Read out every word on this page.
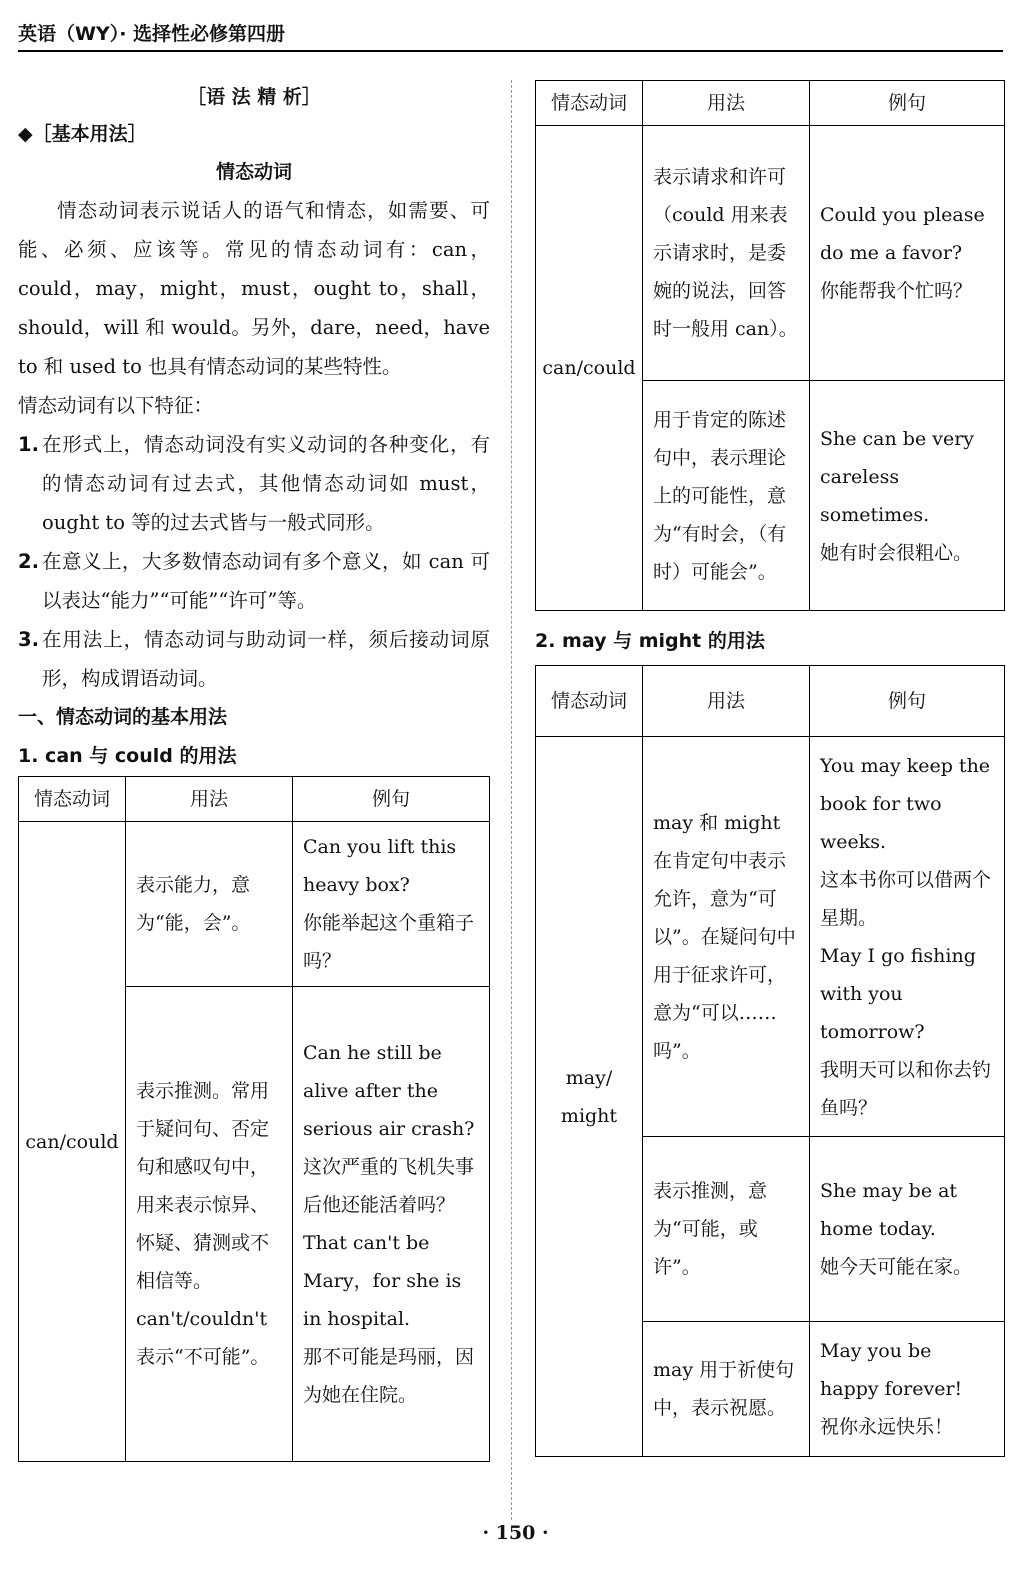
英语（WY）· 选择性必修第四册
［语 法 精 析］
◆［基本用法］
情态动词

情态动词表示说话人的语气和情态，如需要、可能、必须、应该等。常见的情态动词有：can，could，may，might，must，ought to，shall，should，will 和 would。另外，dare，need，have to 和 used to 也具有情态动词的某些特性。

情态动词有以下特征：

1. 在形式上，情态动词没有实义动词的各种变化，有的情态动词有过去式，其他情态动词如 must，ought to 等的过去式皆与一般式同形。
2. 在意义上，大多数情态动词有多个意义，如 can 可以表达“能力”“可能”“许可”等。
3. 在用法上，情态动词与助动词一样，须后接动词原形，构成谓语动词。
一、情态动词的基本用法
1. can 与 could 的用法
情态动词	用法	例句
can/could	表示能力，意为“能，会”。	Can you lift this heavy box?
你能举起这个重箱子吗？
	表示推测。常用于疑问句、否定句和感叹句中，用来表示惊异、怀疑、猜测或不相信等。can't/couldn't 表示“不可能”。	Can he still be alive after the serious air crash?
这次严重的飞机失事后他还能活着吗？
That can't be Mary，for she is in hospital.
那不可能是玛丽，因为她在住院。
情态动词	用法	例句
can/could	表示请求和许可（could 用来表示请求时，是委婉的说法，回答时一般用 can）。	Could you please do me a favor?
你能帮我个忙吗？
	用于肯定的陈述句中，表示理论上的可能性，意为“有时会，（有时）可能会”。	She can be very careless sometimes.
她有时会很粗心。
2. may 与 might 的用法
情态动词	用法	例句
may/
might	may 和 might 在肯定句中表示允许，意为“可以”。在疑问句中用于征求许可，意为“可以……吗”。	You may keep the book for two weeks.
这本书你可以借两个星期。
May I go fishing with you tomorrow?
我明天可以和你去钓鱼吗？
	表示推测，意为“可能，或许”。	She may be at home today.
她今天可能在家。
	may 用于祈使句中，表示祝愿。	May you be happy forever!
祝你永远快乐！
· 150 ·
